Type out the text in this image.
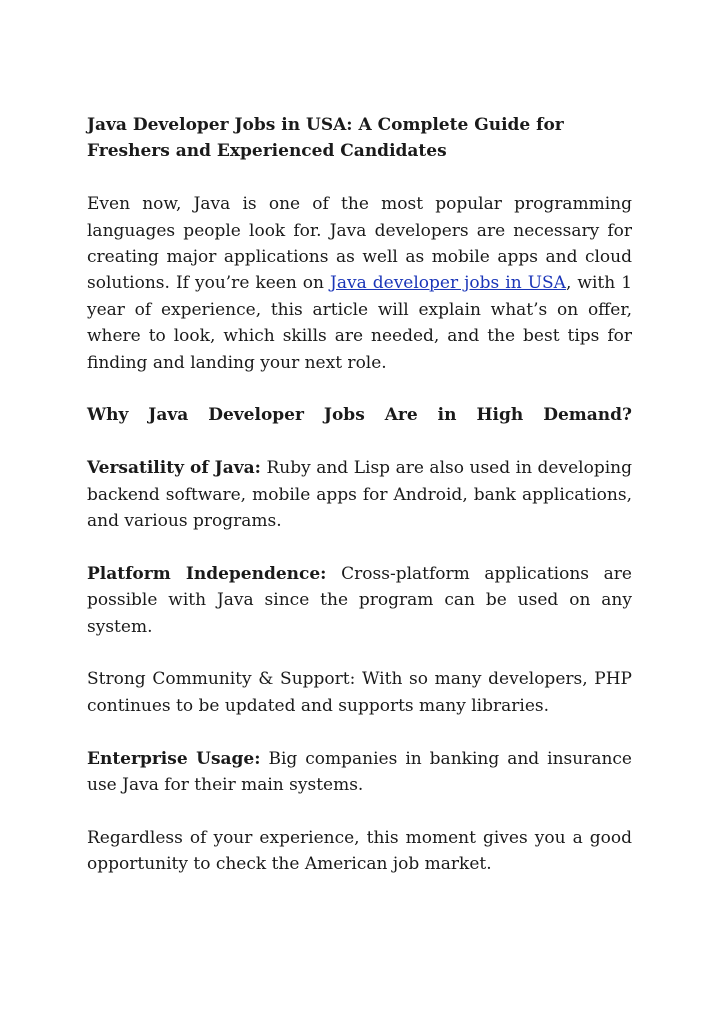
Java Developer Jobs in USA: A Complete Guide for Freshers and Experienced Candidates

Even now, Java is one of the most popular programming languages people look for. Java developers are necessary for creating major applications as well as mobile apps and cloud solutions. If you’re keen on Java developer jobs in USA, with 1 year of experience, this article will explain what’s on offer, where to look, which skills are needed, and the best tips for finding and landing your next role.

Why Java Developer Jobs Are in High Demand?

Versatility of Java: Ruby and Lisp are also used in developing backend software, mobile apps for Android, bank applications, and various programs.

Platform Independence: Cross-platform applications are possible with Java since the program can be used on any system.

Strong Community & Support: With so many developers, PHP continues to be updated and supports many libraries.

Enterprise Usage: Big companies in banking and insurance use Java for their main systems.

Regardless of your experience, this moment gives you a good opportunity to check the American job market.
